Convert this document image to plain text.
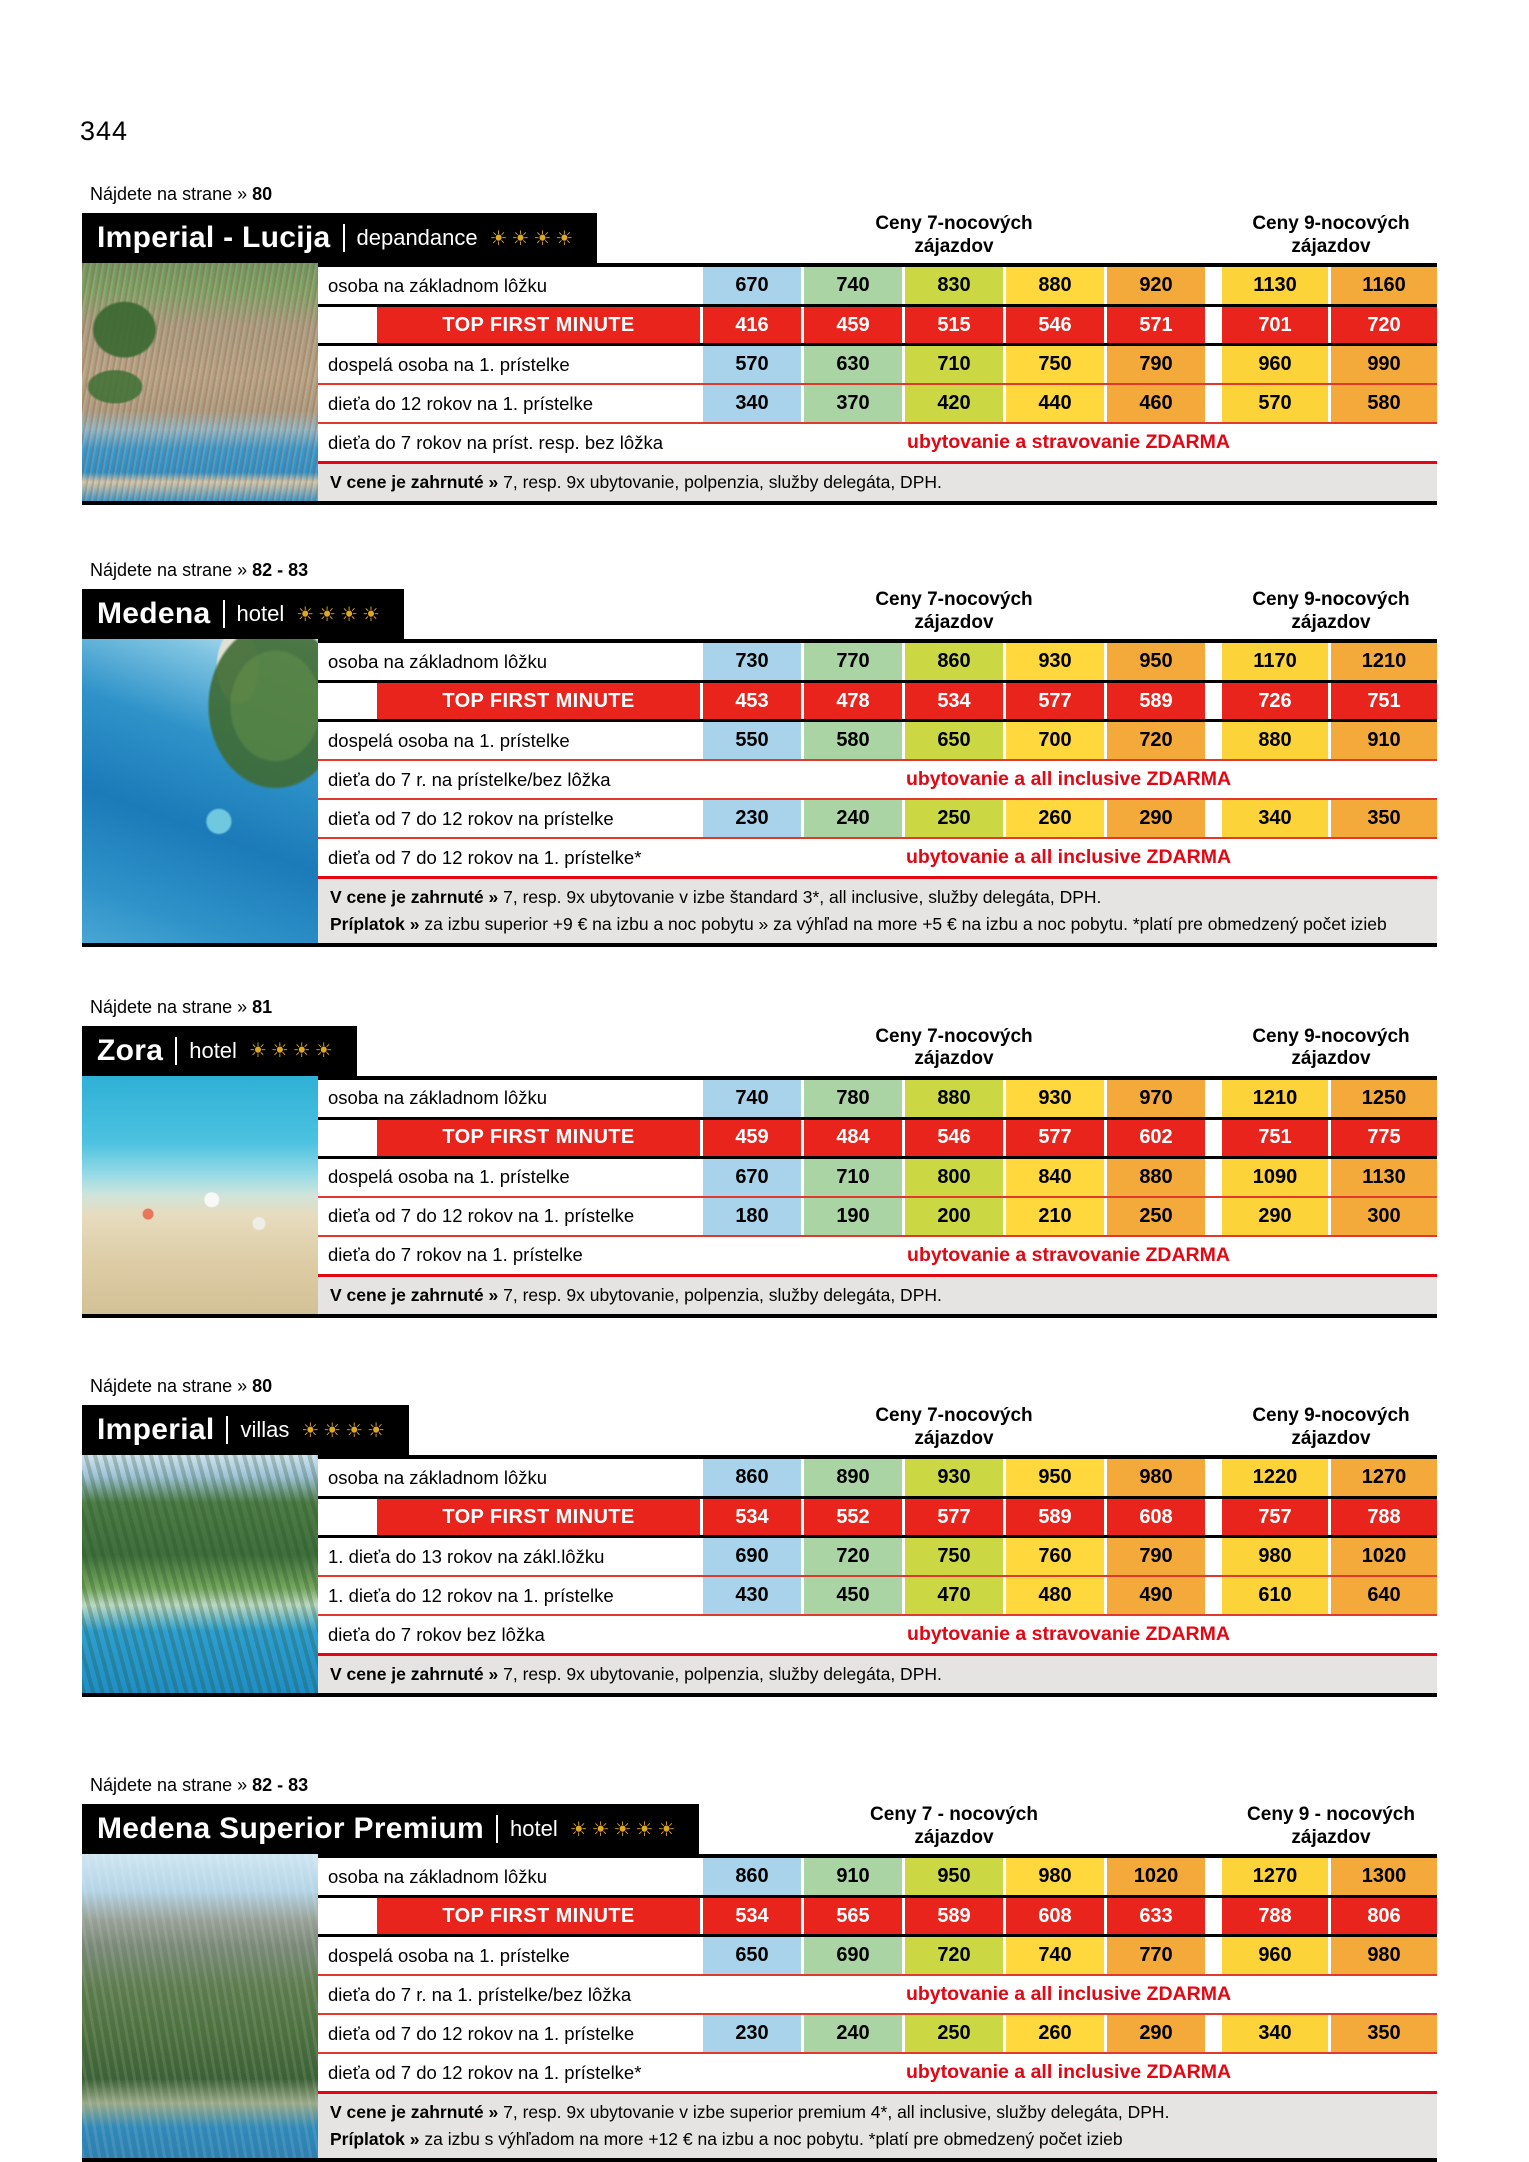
344
Nájdete na strane » 80
Imperial - Lucija depandance ☀☀☀☀
Ceny 7-nocových
zájazdov
Ceny 9-nocových
zájazdov
osoba na základnom lôžku	670	740	830	880	920	1130	1160
TOP FIRST MINUTE	416	459	515	546	571	701	720
dospelá osoba na 1. prístelke	570	630	710	750	790	960	990
dieťa do 12 rokov na 1. prístelke	340	370	420	440	460	570	580
dieťa do 7 rokov na príst. resp. bez lôžka	ubytovanie a stravovanie ZDARMA
V cene je zahrnuté » 7, resp. 9x ubytovanie, polpenzia, služby delegáta, DPH.
Nájdete na strane » 82 - 83
Medena hotel ☀☀☀☀
Ceny 7-nocových
zájazdov
Ceny 9-nocových
zájazdov
osoba na základnom lôžku	730	770	860	930	950	1170	1210
TOP FIRST MINUTE	453	478	534	577	589	726	751
dospelá osoba na 1. prístelke	550	580	650	700	720	880	910
dieťa do 7 r. na prístelke/bez lôžka	ubytovanie a all inclusive ZDARMA
dieťa od 7 do 12 rokov na prístelke	230	240	250	260	290	340	350
dieťa od 7 do 12 rokov na 1. prístelke*	ubytovanie a all inclusive ZDARMA
V cene je zahrnuté » 7, resp. 9x ubytovanie v izbe štandard 3*, all inclusive, služby delegáta, DPH.
Príplatok » za izbu superior +9 € na izbu a noc pobytu » za výhľad na more +5 € na izbu a noc pobytu. *platí pre obmedzený počet izieb
Nájdete na strane » 81
Zora hotel ☀☀☀☀
Ceny 7-nocových
zájazdov
Ceny 9-nocových
zájazdov
osoba na základnom lôžku	740	780	880	930	970	1210	1250
TOP FIRST MINUTE	459	484	546	577	602	751	775
dospelá osoba na 1. prístelke	670	710	800	840	880	1090	1130
dieťa od 7 do 12 rokov na 1. prístelke	180	190	200	210	250	290	300
dieťa do 7 rokov na 1. prístelke	ubytovanie a stravovanie ZDARMA
V cene je zahrnuté » 7, resp. 9x ubytovanie, polpenzia, služby delegáta, DPH.
Nájdete na strane » 80
Imperial villas ☀☀☀☀
Ceny 7-nocových
zájazdov
Ceny 9-nocových
zájazdov
osoba na základnom lôžku	860	890	930	950	980	1220	1270
TOP FIRST MINUTE	534	552	577	589	608	757	788
1. dieťa do 13 rokov na zákl.lôžku	690	720	750	760	790	980	1020
1. dieťa do 12 rokov na 1. prístelke	430	450	470	480	490	610	640
dieťa do 7 rokov bez lôžka	ubytovanie a stravovanie ZDARMA
V cene je zahrnuté » 7, resp. 9x ubytovanie, polpenzia, služby delegáta, DPH.
Nájdete na strane » 82 - 83
Medena Superior Premium hotel ☀☀☀☀☀
Ceny 7 - nocových
zájazdov
Ceny 9 - nocových
zájazdov
osoba na základnom lôžku	860	910	950	980	1020	1270	1300
TOP FIRST MINUTE	534	565	589	608	633	788	806
dospelá osoba na 1. prístelke	650	690	720	740	770	960	980
dieťa do 7 r. na 1. prístelke/bez lôžka	ubytovanie a all inclusive ZDARMA
dieťa od 7 do 12 rokov na 1. prístelke	230	240	250	260	290	340	350
dieťa od 7 do 12 rokov na 1. prístelke*	ubytovanie a all inclusive ZDARMA
V cene je zahrnuté » 7, resp. 9x ubytovanie v izbe superior premium 4*, all inclusive, služby delegáta, DPH.
Príplatok » za izbu s výhľadom na more +12 € na izbu a noc pobytu. *platí pre obmedzený počet izieb
